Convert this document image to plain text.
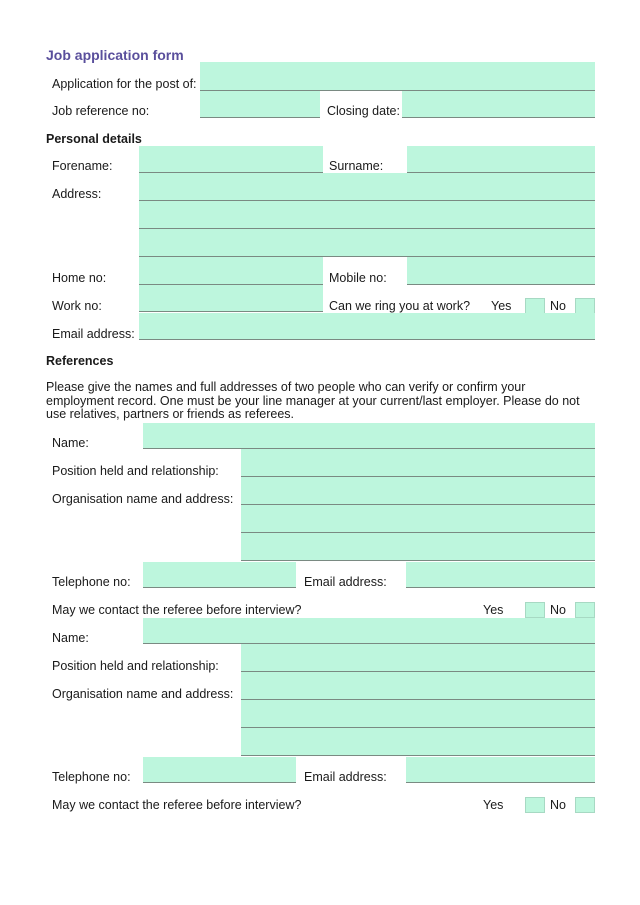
Job application form
Application for the post of:
Job reference no:	Closing date:
Personal details
Forename:	Surname:
Address:
Home no:	Mobile no:
Work no:	Can we ring you at work? Yes	No
Email address:
References
Please give the names and full addresses of two people who can verify or confirm your employment record. One must be your line manager at your current/last employer. Please do not use relatives, partners or friends as referees.
Name:
Position held and relationship:
Organisation name and address:
Telephone no:	Email address:
May we contact the referee before interview?	Yes	No
Name:
Position held and relationship:
Organisation name and address:
Telephone no:	Email address:
May we contact the referee before interview?	Yes	No
